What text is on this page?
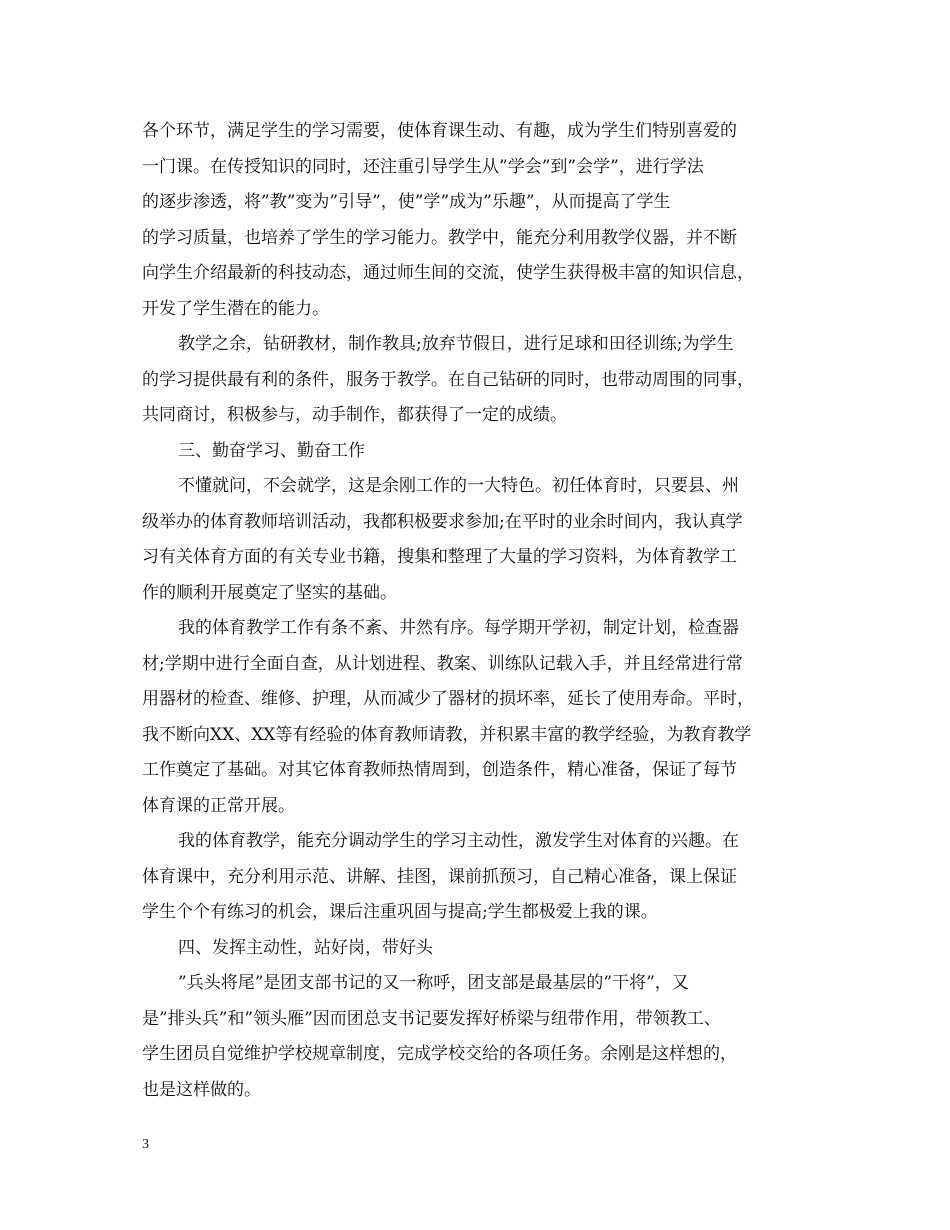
各个环节，满足学生的学习需要，使体育课生动、有趣，成为学生们特别喜爱的
一门课。在传授知识的同时，还注重引导学生从”学会”到”会学”，进行学法
的逐步渗透，将”教”变为”引导”，使”学”成为”乐趣”，从而提高了学生
的学习质量，也培养了学生的学习能力。教学中，能充分利用教学仪器，并不断
向学生介绍最新的科技动态，通过师生间的交流，使学生获得极丰富的知识信息，
开发了学生潜在的能力。
教学之余，钻研教材，制作教具;放弃节假日，进行足球和田径训练;为学生
的学习提供最有利的条件，服务于教学。在自己钻研的同时，也带动周围的同事，
共同商讨，积极参与，动手制作，都获得了一定的成绩。
三、勤奋学习、勤奋工作
不懂就问，不会就学，这是余刚工作的一大特色。初任体育时，只要县、州
级举办的体育教师培训活动，我都积极要求参加;在平时的业余时间内，我认真学
习有关体育方面的有关专业书籍，搜集和整理了大量的学习资料，为体育教学工
作的顺利开展奠定了坚实的基础。
我的体育教学工作有条不紊、井然有序。每学期开学初，制定计划，检查器
材;学期中进行全面自查，从计划进程、教案、训练队记载入手，并且经常进行常
用器材的检查、维修、护理，从而减少了器材的损坏率，延长了使用寿命。平时，
我不断向XX、XX等有经验的体育教师请教，并积累丰富的教学经验，为教育教学
工作奠定了基础。对其它体育教师热情周到，创造条件，精心准备，保证了每节
体育课的正常开展。
我的体育教学，能充分调动学生的学习主动性，激发学生对体育的兴趣。在
体育课中，充分利用示范、讲解、挂图，课前抓预习，自己精心准备，课上保证
学生个个有练习的机会，课后注重巩固与提高;学生都极爱上我的课。
四、发挥主动性，站好岗，带好头
”兵头将尾”是团支部书记的又一称呼，团支部是最基层的”干将”，又
是”排头兵”和”领头雁”因而团总支书记要发挥好桥梁与纽带作用，带领教工、
学生团员自觉维护学校规章制度，完成学校交给的各项任务。余刚是这样想的，
也是这样做的。
3
